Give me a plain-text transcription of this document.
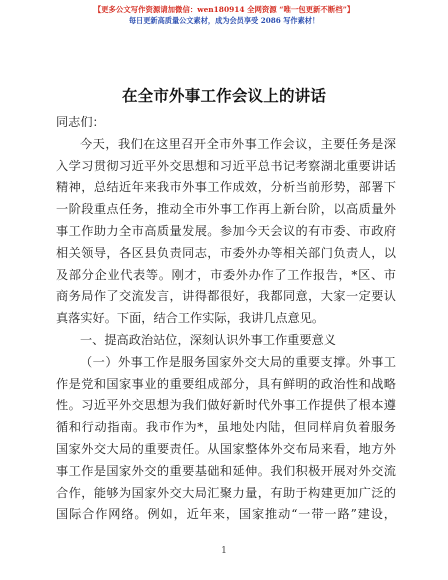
【更多公文写作资源请加微信：wen180914 全网资源 “唯一包更新不断档”】
每日更新高质量公文素材，成为会员享受 2086 写作素材！
在全市外事工作会议上的讲话
同志们：
今天，我们在这里召开全市外事工作会议，主要任务是深
入学习贯彻习近平外交思想和习近平总书记考察湖北重要讲话
精神，总结近年来我市外事工作成效，分析当前形势，部署下
一阶段重点任务，推动全市外事工作再上新台阶，以高质量外
事工作助力全市高质量发展。参加今天会议的有市委、市政府
相关领导，各区县负责同志，市委外办等相关部门负责人，以
及部分企业代表等。刚才，市委外办作了工作报告，*区、市
商务局作了交流发言，讲得都很好，我都同意，大家一定要认
真落实好。下面，结合工作实际，我讲几点意见。
一、提高政治站位，深刻认识外事工作重要意义
（一）外事工作是服务国家外交大局的重要支撑。外事工
作是党和国家事业的重要组成部分，具有鲜明的政治性和战略
性。习近平外交思想为我们做好新时代外事工作提供了根本遵
循和行动指南。我市作为*，虽地处内陆，但同样肩负着服务
国家外交大局的重要责任。从国家整体外交布局来看，地方外
事工作是国家外交的重要基础和延伸。我们积极开展对外交流
合作，能够为国家外交大局汇聚力量，有助于构建更加广泛的
国际合作网络。例如，近年来，国家推动“一带一路”建设，
1
